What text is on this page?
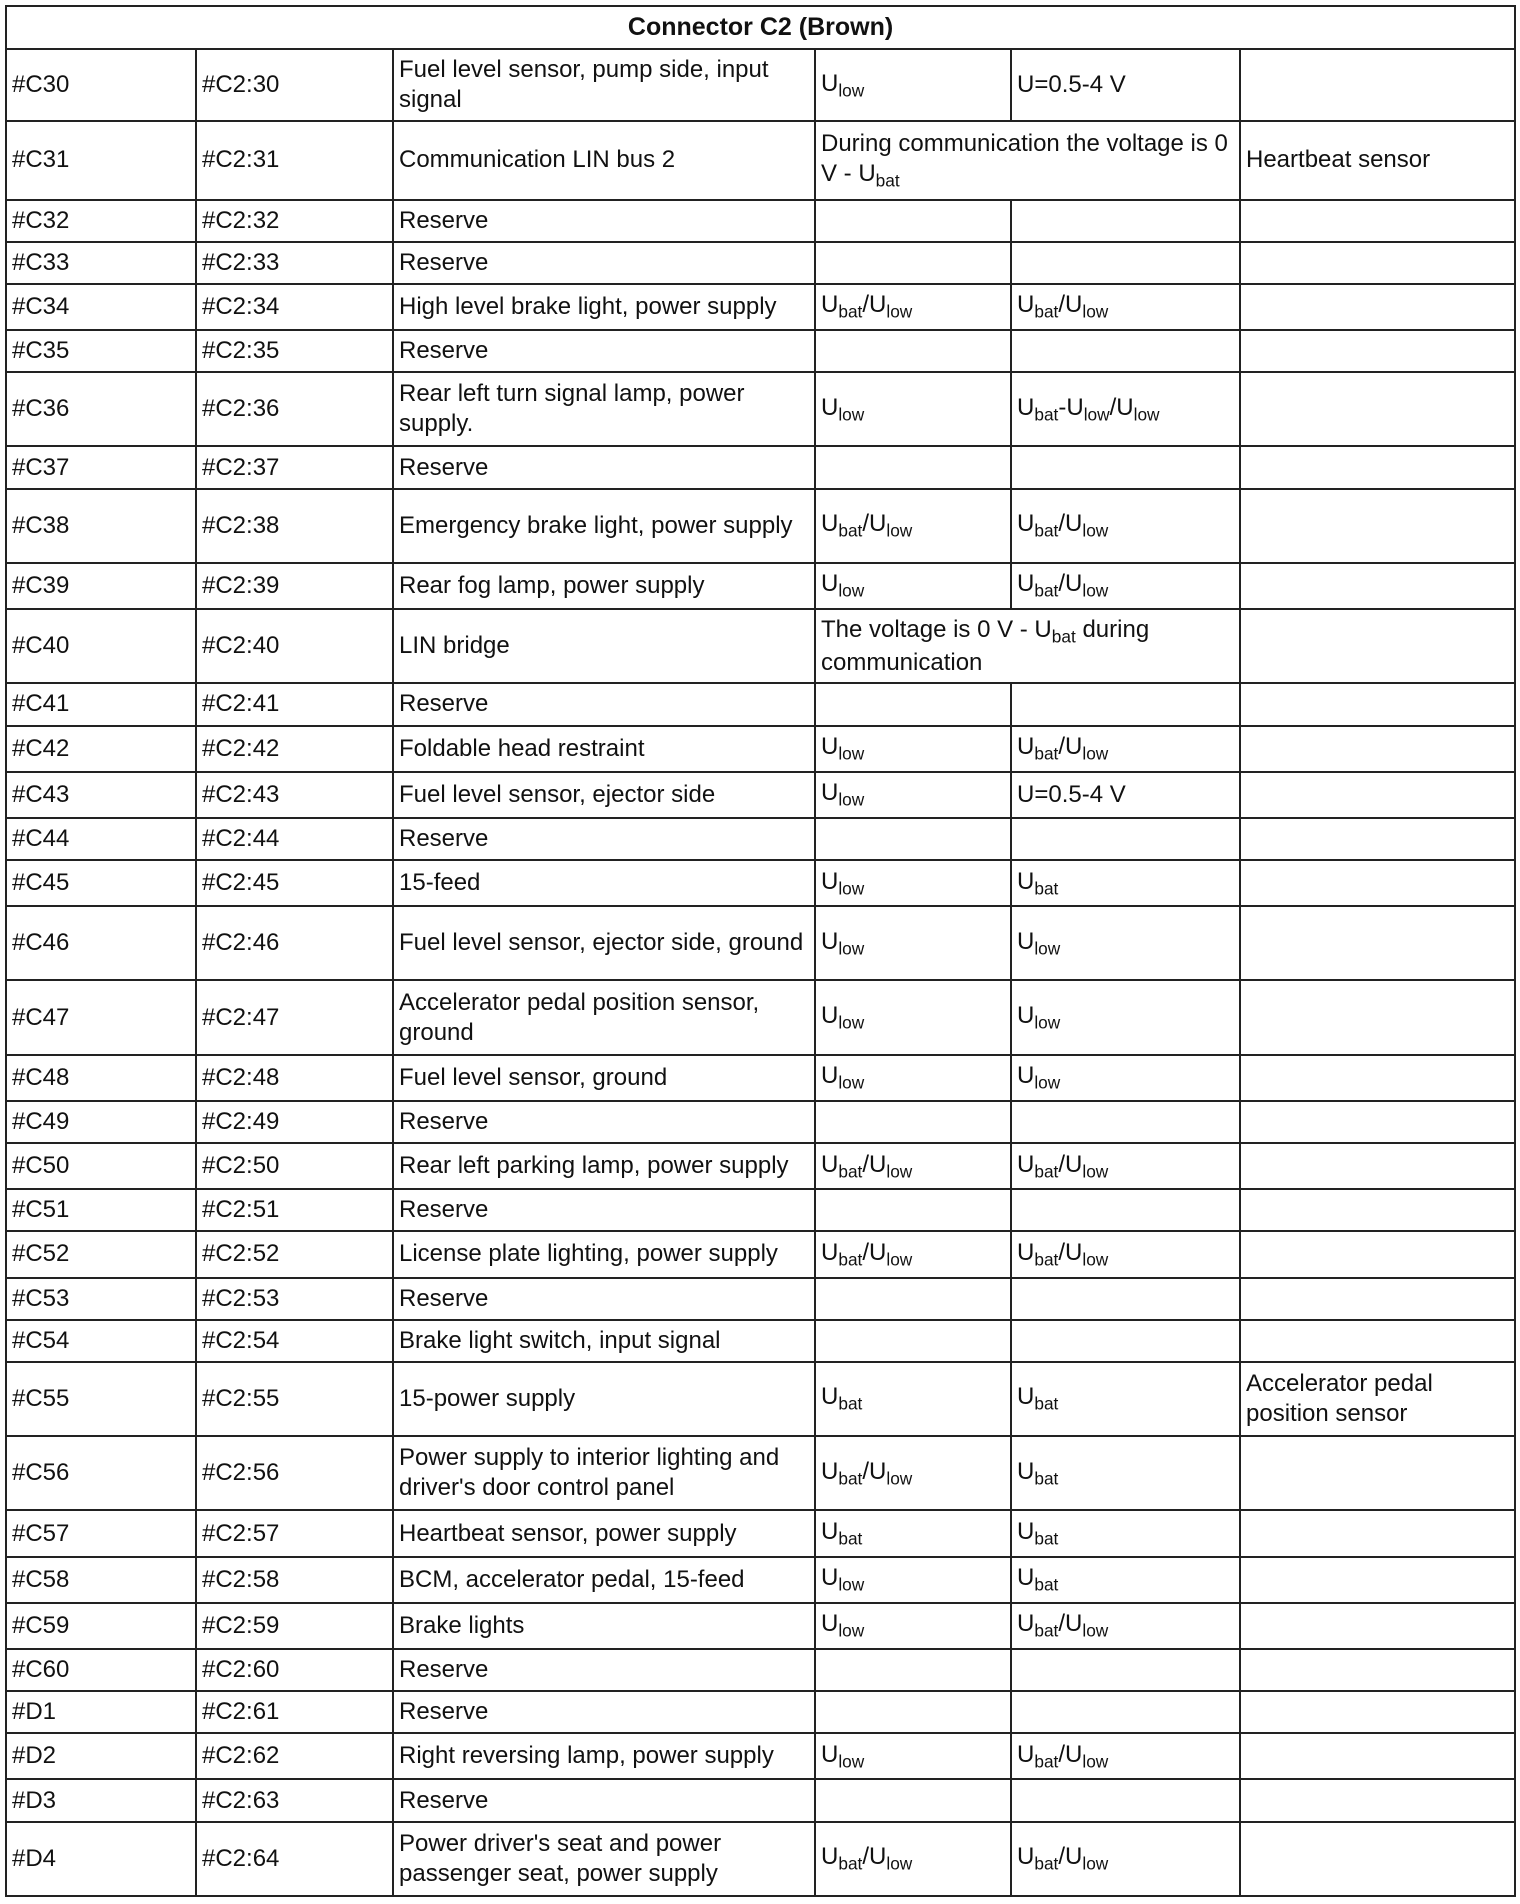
Connector C2 (Brown)					
#C30	#C2:30	Fuel level sensor, pump side, input signal	$U_{low}$	U=0.5-4 V	
#C31	#C2:31	Communication LIN bus 2	During communication the voltage is 0 V - $U_{bat}$		Heartbeat sensor
#C32	#C2:32	Reserve			
#C33	#C2:33	Reserve			
#C34	#C2:34	High level brake light, power supply	$U_{bat}/U_{low}$	$U_{bat}/U_{low}$	
#C35	#C2:35	Reserve			
#C36	#C2:36	Rear left turn signal lamp, power supply.	$U_{low}$	$U_{bat}-U_{low}/U_{low}$	
#C37	#C2:37	Reserve			
#C38	#C2:38	Emergency brake light, power supply	$U_{bat}/U_{low}$	$U_{bat}/U_{low}$	
#C39	#C2:39	Rear fog lamp, power supply	$U_{low}$	$U_{bat}/U_{low}$	
#C40	#C2:40	LIN bridge	The voltage is 0 V - $U_{bat}$ during communication		
#C41	#C2:41	Reserve			
#C42	#C2:42	Foldable head restraint	$U_{low}$	$U_{bat}/U_{low}$	
#C43	#C2:43	Fuel level sensor, ejector side	$U_{low}$	U=0.5-4 V	
#C44	#C2:44	Reserve			
#C45	#C2:45	15-feed	$U_{low}$	$U_{bat}$	
#C46	#C2:46	Fuel level sensor, ejector side, ground	$U_{low}$	$U_{low}$	
#C47	#C2:47	Accelerator pedal position sensor, ground	$U_{low}$	$U_{low}$	
#C48	#C2:48	Fuel level sensor, ground	$U_{low}$	$U_{low}$	
#C49	#C2:49	Reserve			
#C50	#C2:50	Rear left parking lamp, power supply	$U_{bat}/U_{low}$	$U_{bat}/U_{low}$	
#C51	#C2:51	Reserve			
#C52	#C2:52	License plate lighting, power supply	$U_{bat}/U_{low}$	$U_{bat}/U_{low}$	
#C53	#C2:53	Reserve			
#C54	#C2:54	Brake light switch, input signal			
#C55	#C2:55	15-power supply	$U_{bat}$	$U_{bat}$	Accelerator pedal position sensor
#C56	#C2:56	Power supply to interior lighting and driver's door control panel	$U_{bat}/U_{low}$	$U_{bat}$	
#C57	#C2:57	Heartbeat sensor, power supply	$U_{bat}$	$U_{bat}$	
#C58	#C2:58	BCM, accelerator pedal, 15-feed	$U_{low}$	$U_{bat}$	
#C59	#C2:59	Brake lights	$U_{low}$	$U_{bat}/U_{low}$	
#C60	#C2:60	Reserve			
#D1	#C2:61	Reserve			
#D2	#C2:62	Right reversing lamp, power supply	$U_{low}$	$U_{bat}/U_{low}$	
#D3	#C2:63	Reserve			
#D4	#C2:64	Power driver's seat and power passenger seat, power supply	$U_{bat}/U_{low}$	$U_{bat}/U_{low}$	
